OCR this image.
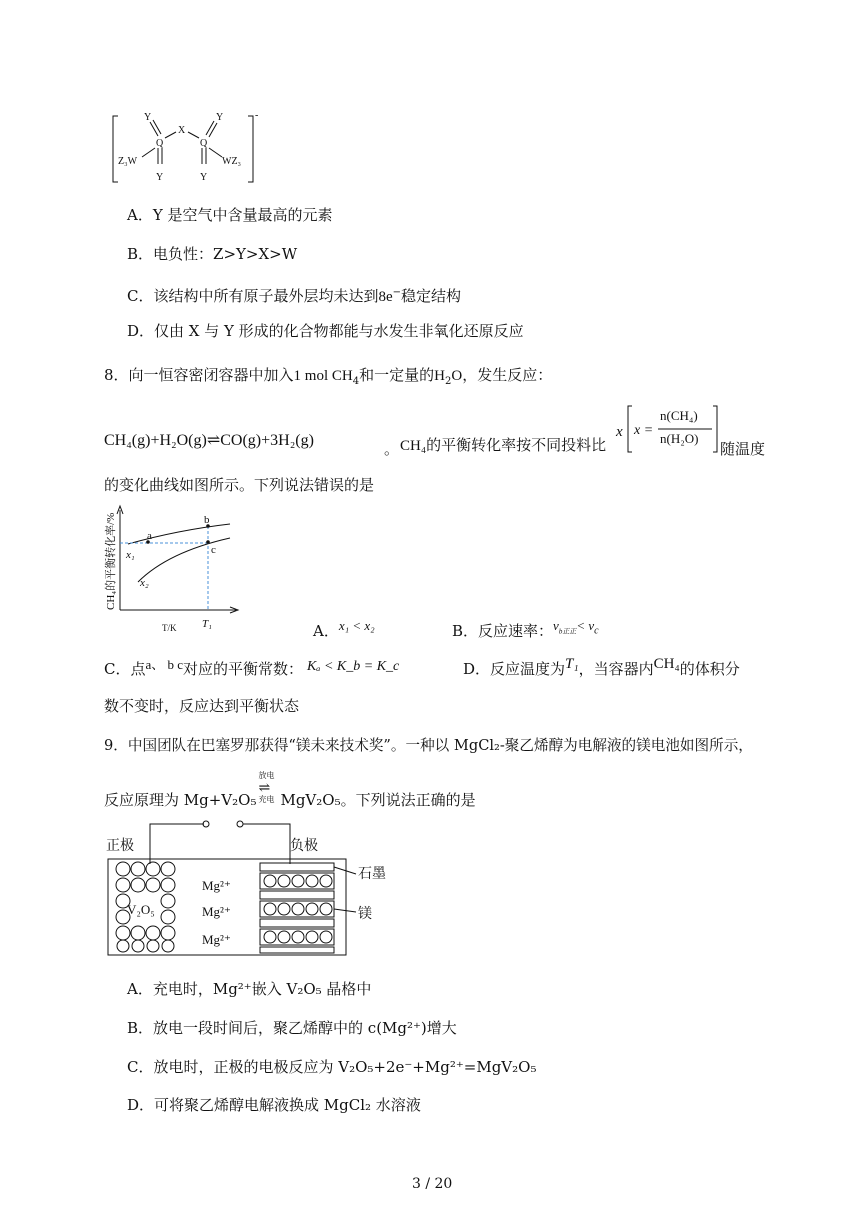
Y
X
Y
Q	Q
Z₃W	WZ₃
Y	Y
-
A．Y 是空气中含量最高的元素
B．电负性：Z>Y>X>W
C．该结构中所有原子最外层均未达到8e−稳定结构
D．仅由 X 与 Y 形成的化合物都能与水发生非氧化还原反应
8．向一恒容密闭容器中加入1 mol $CH_4$和一定量的$H_2O$，发生反应：
CH₄(g)+H₂O(g)⇌CO(g)+3H₂(g)	。 CH₄的平衡转化率按不同投料比
x x =
n(CH₄)
n(H₂O)
随温度
的变化曲线如图所示。下列说法错误的是
a
b
c
x₁
x₂
T/K T₁
CH₄的平衡转化率/%
A．x₁ < x₂	B．反应速率：$v_{b正正}< v_c$
C．点a、 b c对应的平衡常数： Kₐ < K_b = K_c	D．反应温度为T₁，当容器内CH₄的体积分
数不变时，反应达到平衡状态
9．中国团队在巴塞罗那获得“镁未来技术奖”。一种以 MgCl₂-聚乙烯醇为电解液的镁电池如图所示，
反应原理为 Mg+V₂O₅
放电
⇌
充电 MgV₂O₅。下列说法正确的是
正极	负极
石墨
镁
V₂O₅
Mg²⁺
Mg²⁺
Mg²⁺
A．充电时，Mg²⁺嵌入 V₂O₅ 晶格中
B．放电一段时间后，聚乙烯醇中的 c(Mg²⁺)增大
C．放电时，正极的电极反应为 V₂O₅+2e⁻+Mg²⁺=MgV₂O₅
D．可将聚乙烯醇电解液换成 MgCl₂ 水溶液
3 / 20
